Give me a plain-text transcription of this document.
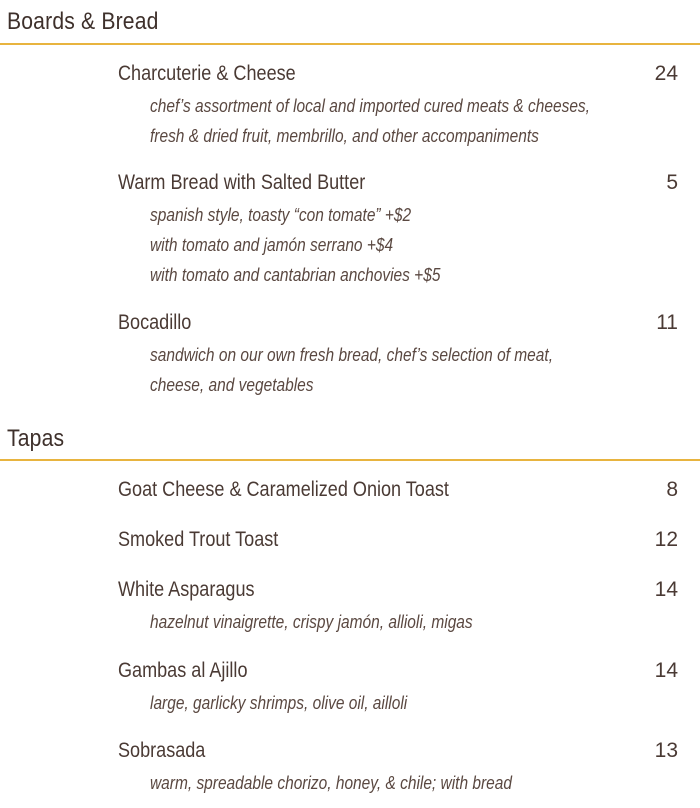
Boards & Bread
Charcuterie & Cheese	24
chef’s assortment of local and imported cured meats & cheeses,
fresh & dried fruit, membrillo, and other accompaniments
Warm Bread with Salted Butter	5
spanish style, toasty “con tomate” +$2
with tomato and jamón serrano +$4
with tomato and cantabrian anchovies +$5
Bocadillo	11
sandwich on our own fresh bread, chef’s selection of meat,
cheese, and vegetables
Tapas
Goat Cheese & Caramelized Onion Toast	8
Smoked Trout Toast	12
White Asparagus	14
hazelnut vinaigrette, crispy jamón, allioli, migas
Gambas al Ajillo	14
large, garlicky shrimps, olive oil, ailloli
Sobrasada	13
warm, spreadable chorizo, honey, & chile; with bread
